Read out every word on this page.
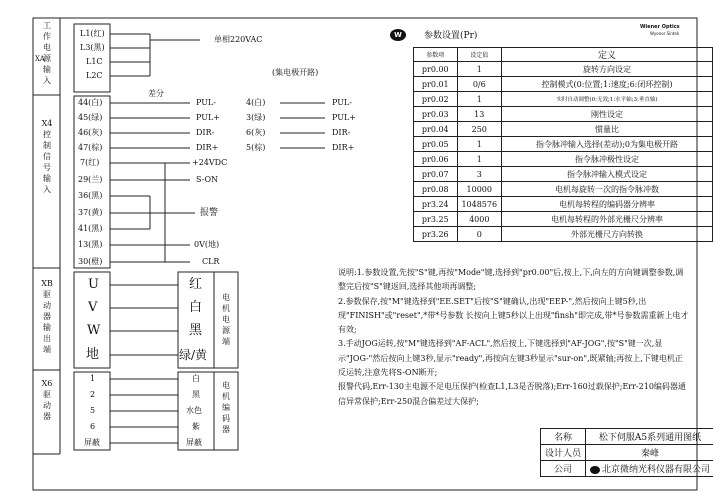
工作电源输入
XA
X4控制信号输入
XB驱动器输出端
X6驱动器
L1(红)
L3(黑)
L1C
L2C
单相220VAC
差分
(集电极开路)
44(白)
45(绿)
46(灰)
47(棕)
7(红)
29(兰)
36(黑)
37(黄)
41(黑)
13(黑)
30(橙)
PUL-
PUL+
DIR-
DIR+
+24VDC
S-ON
报警
0V(地)
CLR
4(白)
3(绿)
6(灰)
5(棕)
PUL-
PUL+
DIR-
DIR+
U
V
W
地
红
白
黑
绿/黄
电机电源端
1
2
5
6
屏蔽
白
黑
水色
紫
屏蔽
电机编码器
W	参数设置(Pr)
Wiener Optics
Wyenor Sintek
参数项	设定值	定义
pr0.00	1	旋转方向设定
pr0.01	0/6	控制模式(0:位置;1:速度;6:闭环控制)
pr0.02	1	实时自动调整(0:无效;1:水平轴;3:垂直轴)
pr0.03	13	刚性设定
pr0.04	250	惯量比
pr0.05	1	指令脉冲输入选择(差动);0为集电极开路
pr0.06	1	指令脉冲极性设定
pr0.07	3	指令脉冲输入模式设定
pr0.08	10000	电机每旋转一次的指令脉冲数
pr3.24	1048576	电机每转程的编码器分辨率
pr3.25	4000	电机每转程的外部光栅尺分辨率
pr3.26	0	外部光栅尺方向转换

说明:1.参数设置,先按"S"键,再按"Mode"键,选择到"pr0.00"后,按上,下,向左的方向键调整参数,调整完后按"S"键返回,选择其他项再调整;

2.参数保存,按"M"键选择到"EE.SET"后按"S"键确认,出现"EEP-",然后按向上键5秒,出现"FINISH"或"reset",*带*号参数 长按向上键5秒以上出现"finsh"即完成,带*号参数需重新上电才有效;

3.手动JOG运转,按"M"键选择到"AF-ACL",然后按上,下键选择到"AF-JOG",按"S"键一次,显示"JOG-"然后按向上键3秒,显示"ready",再按向左键3秒显示"sur-on",既紧轴;再按上,下键电机正反运转,注意先将S-ON断开;

报警代码,Err-130主电源不足电压保护(检查L1,L3是否脱落);Err-160过载保护;Err-210编码器通信异常保护;Err-250混合偏差过大保护;

名称	松下伺服A5系列通用图纸
设计人员	秦峰
公司	北京微纳光科仪器有限公司
